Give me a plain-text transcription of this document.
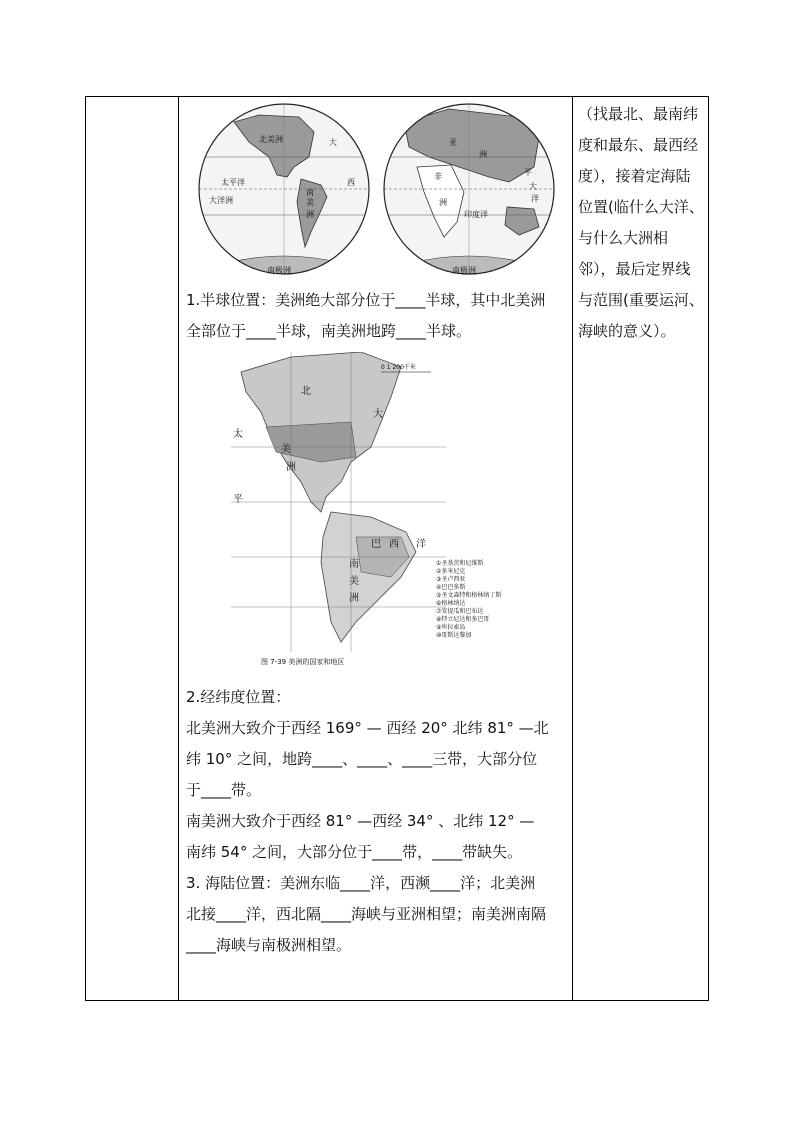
北美洲	大
太平洋
南
美
洲
大洋洲
西
南极洲
亚
洲
非
洲
印度洋
大
洋
平
南极洲
1.半球位置：美洲绝大部分位于____半球，其中北美洲
全部位于____半球，南美洲地跨____半球。
0 1 200千米
北
大
太
平
洋
美
洲
巴 西
南
美
洲
①圣基茨和尼维斯
②多米尼克
③圣卢西亚
④巴巴多斯
⑤圣文森特和格林纳丁斯
⑥格林纳达
⑦安提瓜和巴布达
⑧特立尼达和多巴哥
⑨库拉索岛
⑩哥斯达黎加
图 7-39 美洲的国家和地区
2.经纬度位置：
北美洲大致介于西经 169° — 西经 20° 北纬 81° —北
纬 10° 之间，地跨____、____、____三带，大部分位
于____带。
南美洲大致介于西经 81° —西经 34° 、北纬 12° —
南纬 54° 之间，大部分位于____带，____带缺失。
3. 海陆位置：美洲东临____洋，西濒____洋；北美洲
北接____洋，西北隔____海峡与亚洲相望；南美洲南隔
____海峡与南极洲相望。
（找最北、最南纬
度和最东、最西经
度），接着定海陆
位置(临什么大洋、
与什么大洲相
邻），最后定界线
与范围(重要运河、
海峡的意义）。
